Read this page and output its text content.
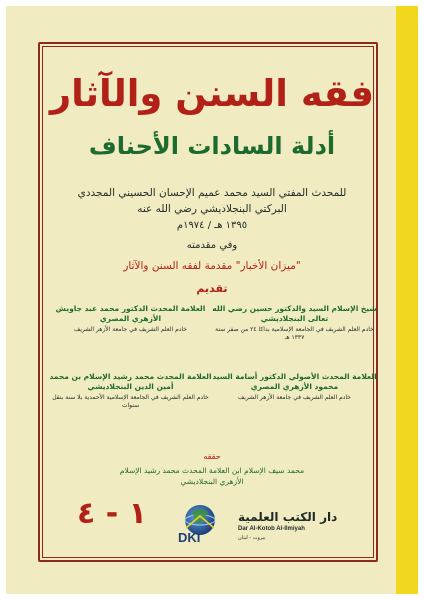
فقه السنن والآثار
أدلة السادات الأحناف
للمحدث المفتي السيد محمد عميم الإحسان الحسيني المجددي
البركتي البنجلاديشي رضي الله عنه
١٣٩٥ هـ / ١٩٧٤م
وفي مقدمته
"ميزان الأخبار" مقدمة لفقه السنن والآثار
تقديم
شيخ الإسلام السيد والدكتور حسين رضي الله تعالى البنجلاديشي
خادم العلم الشريف في الجامعة الإسلامية بداكا ٢٤ من صفر سنة ١٣٣٧ هـ
العلامة المحدث الدكتور محمد عبد جاويش الأزهري المصري
خادم العلم الشريف في جامعة الأزهر الشريف
العلامة المحدث الأصولي الدكتور أسامة السيد محمود الأزهري المصري
خادم العلم الشريف في جامعة الأزهر الشريف
العلامة المحدث محمد رشيد الإسلام بن محمد أمين الدين البنجلاديشي
خادم العلم الشريف في الجامعة الإسلامية الأحمدية بلا سنة بنقل سنوات
حققه
محمد سيف الإسلام ابن العلامة المحدث محمد رشيد الإسلام
الأزهري البنجلاديشي
١ - ٤
DKI
دار الكتب العلمية
Dar Al-Kotob Al-Ilmiyah
بيروت - لبنان
